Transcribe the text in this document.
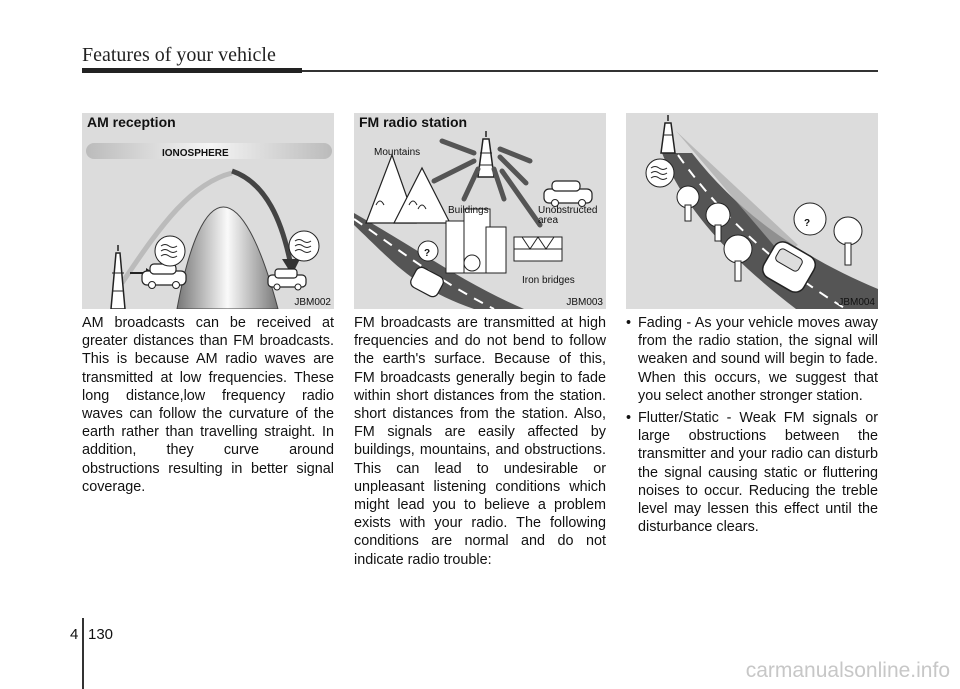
Features of your vehicle
IONOSPHERE
AM reception
JBM002
Mountains
Buildings	Unobstructed
area
Iron bridges
?
FM radio station
JBM003
?
JBM004

AM broadcasts can be received at greater distances than FM broadcasts. This is because AM radio waves are transmitted at low frequencies. These long distance,low frequency radio waves can follow the curvature of the earth rather than travelling straight. In addition, they curve around obstructions resulting in better signal coverage.

FM broadcasts are transmitted at high frequencies and do not bend to follow the earth's surface. Because of this, FM broadcasts generally begin to fade within short distances from the station. short distances from the station. Also, FM signals are easily affected by buildings, mountains, and obstructions. This can lead to undesirable or unpleasant listening conditions which might lead you to believe a problem exists with your radio. The following conditions are normal and do not indicate radio trouble:

• Fading - As your vehicle moves away from the radio station, the signal will weaken and sound will begin to fade. When this occurs, we suggest that you select another stronger station.
• Flutter/Static - Weak FM signals or large obstructions between the transmitter and your radio can disturb the signal causing static or fluttering noises to occur. Reducing the treble level may lessen this effect until the disturbance clears.
4 130
carmanualsonline.info
